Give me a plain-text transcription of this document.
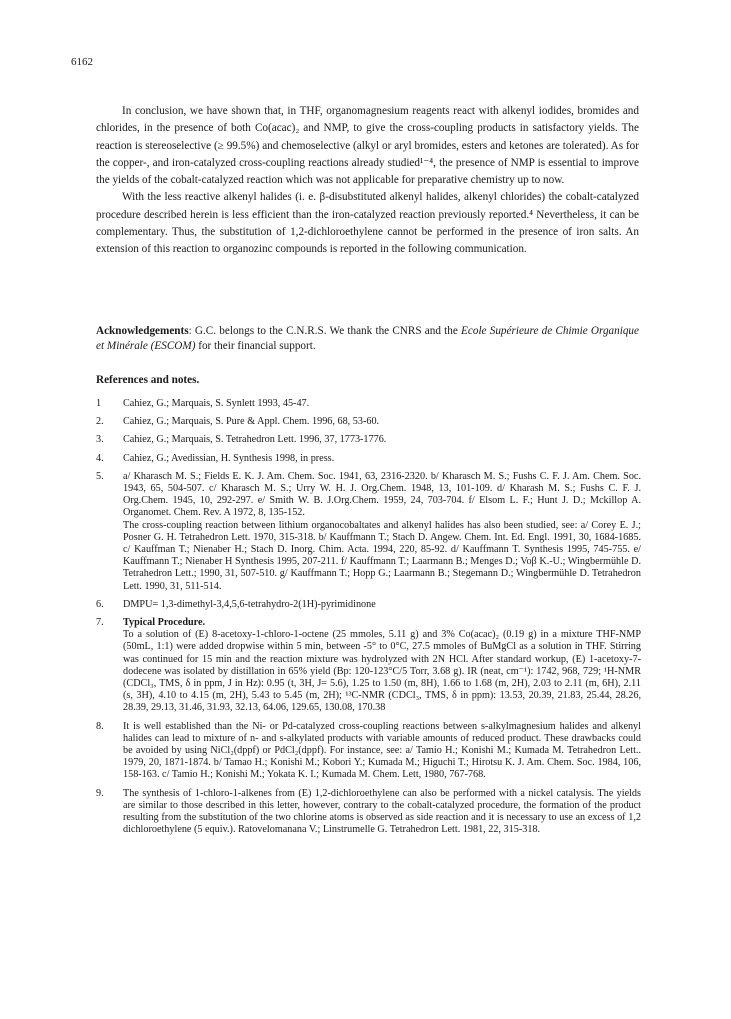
6162

In conclusion, we have shown that, in THF, organomagnesium reagents react with alkenyl iodides, bromides and chlorides, in the presence of both Co(acac)₂ and NMP, to give the cross-coupling products in satisfactory yields. The reaction is stereoselective (≥ 99.5%) and chemoselective (alkyl or aryl bromides, esters and ketones are tolerated). As for the copper-, and iron-catalyzed cross-coupling reactions already studied¹⁻⁴, the presence of NMP is essential to improve the yields of the cobalt-catalyzed reaction which was not applicable for preparative chemistry up to now.

With the less reactive alkenyl halides (i. e. β-disubstituted alkenyl halides, alkenyl chlorides) the cobalt-catalyzed procedure described herein is less efficient than the iron-catalyzed reaction previously reported.⁴ Nevertheless, it can be complementary. Thus, the substitution of 1,2-dichloroethylene cannot be performed in the presence of iron salts. An extension of this reaction to organozinc compounds is reported in the following communication.

Acknowledgements: G.C. belongs to the C.N.R.S. We thank the CNRS and the Ecole Supérieure de Chimie Organique et Minérale (ESCOM) for their financial support.
References and notes.
1 Cahiez, G.; Marquais, S. Synlett 1993, 45-47.

2. Cahiez, G.; Marquais, S. Pure & Appl. Chem. 1996, 68, 53-60.

3. Cahiez, G.; Marquais, S. Tetrahedron Lett. 1996, 37, 1773-1776.

4. Cahiez, G.; Avedissian, H. Synthesis 1998, in press.

5. a/ Kharasch M. S.; Fields E. K. J. Am. Chem. Soc. 1941, 63, 2316-2320. b/ Kharasch M. S.; Fushs C. F. J. Am. Chem. Soc. 1943, 65, 504-507. c/ Kharasch M. S.; Urry W. H. J. Org.Chem. 1948, 13, 101-109. d/ Kharash M. S.; Fushs C. F. J. Org.Chem. 1945, 10, 292-297. e/ Smith W. B. J.Org.Chem. 1959, 24, 703-704. f/ Elsom L. F.; Hunt J. D.; Mckillop A. Organomet. Chem. Rev. A 1972, 8, 135-152.

The cross-coupling reaction between lithium organocobaltates and alkenyl halides has also been studied, see: a/ Corey E. J.; Posner G. H. Tetrahedron Lett. 1970, 315-318. b/ Kauffmann T.; Stach D. Angew. Chem. Int. Ed. Engl. 1991, 30, 1684-1685. c/ Kauffman T.; Nienaber H.; Stach D. Inorg. Chim. Acta. 1994, 220, 85-92. d/ Kauffmann T. Synthesis 1995, 745-755. e/ Kauffmann T.; Nienaber H Synthesis 1995, 207-211. f/ Kauffmann T.; Laarmann B.; Menges D.; Voβ K.-U.; Wingbermühle D. Tetrahedron Lett.; 1990, 31, 507-510. g/ Kauffmann T.; Hopp G.; Laarmann B.; Stegemann D.; Wingbermühle D. Tetrahedron Lett. 1990, 31, 511-514.

6. DMPU= 1,3-dimethyl-3,4,5,6-tetrahydro-2(1H)-pyrimidinone

7. Typical Procedure.

To a solution of (E) 8-acetoxy-1-chloro-1-octene (25 mmoles, 5.11 g) and 3% Co(acac)₂ (0.19 g) in a mixture THF-NMP (50mL, 1:1) were added dropwise within 5 min, between -5° to 0°C, 27.5 mmoles of BuMgCl as a solution in THF. Stirring was continued for 15 min and the reaction mixture was hydrolyzed with 2N HCl. After standard workup, (E) 1-acetoxy-7-dodecene was isolated by distillation in 65% yield (Bp: 120-123°C/5 Torr, 3.68 g). IR (neat, cm⁻¹): 1742, 968, 729; ¹H-NMR (CDCl₃, TMS, δ in ppm, J in Hz): 0.95 (t, 3H, J= 5.6), 1.25 to 1.50 (m, 8H), 1.66 to 1.68 (m, 2H), 2.03 to 2.11 (m, 6H), 2.11 (s, 3H), 4.10 to 4.15 (m, 2H), 5.43 to 5.45 (m, 2H); ¹³C-NMR (CDCl₃, TMS, δ in ppm): 13.53, 20.39, 21.83, 25.44, 28.26, 28.39, 29.13, 31.46, 31.93, 32.13, 64.06, 129.65, 130.08, 170.38

8. It is well established than the Ni- or Pd-catalyzed cross-coupling reactions between s-alkylmagnesium halides and alkenyl halides can lead to mixture of n- and s-alkylated products with variable amounts of reduced product. These drawbacks could be avoided by using NiCl₂(dppf) or PdCl₂(dppf). For instance, see: a/ Tamio H.; Konishi M.; Kumada M. Tetrahedron Lett.. 1979, 20, 1871-1874. b/ Tamao H.; Konishi M.; Kobori Y.; Kumada M.; Higuchi T.; Hirotsu K. J. Am. Chem. Soc. 1984, 106, 158-163. c/ Tamio H.; Konishi M.; Yokata K. I.; Kumada M. Chem. Lett, 1980, 767-768.

9. The synthesis of 1-chloro-1-alkenes from (E) 1,2-dichloroethylene can also be performed with a nickel catalysis. The yields are similar to those described in this letter, however, contrary to the cobalt-catalyzed procedure, the formation of the product resulting from the substitution of the two chlorine atoms is observed as side reaction and it is necessary to use an excess of 1,2 dichloroethylene (5 equiv.). Ratovelomanana V.; Linstrumelle G. Tetrahedron Lett. 1981, 22, 315-318.
